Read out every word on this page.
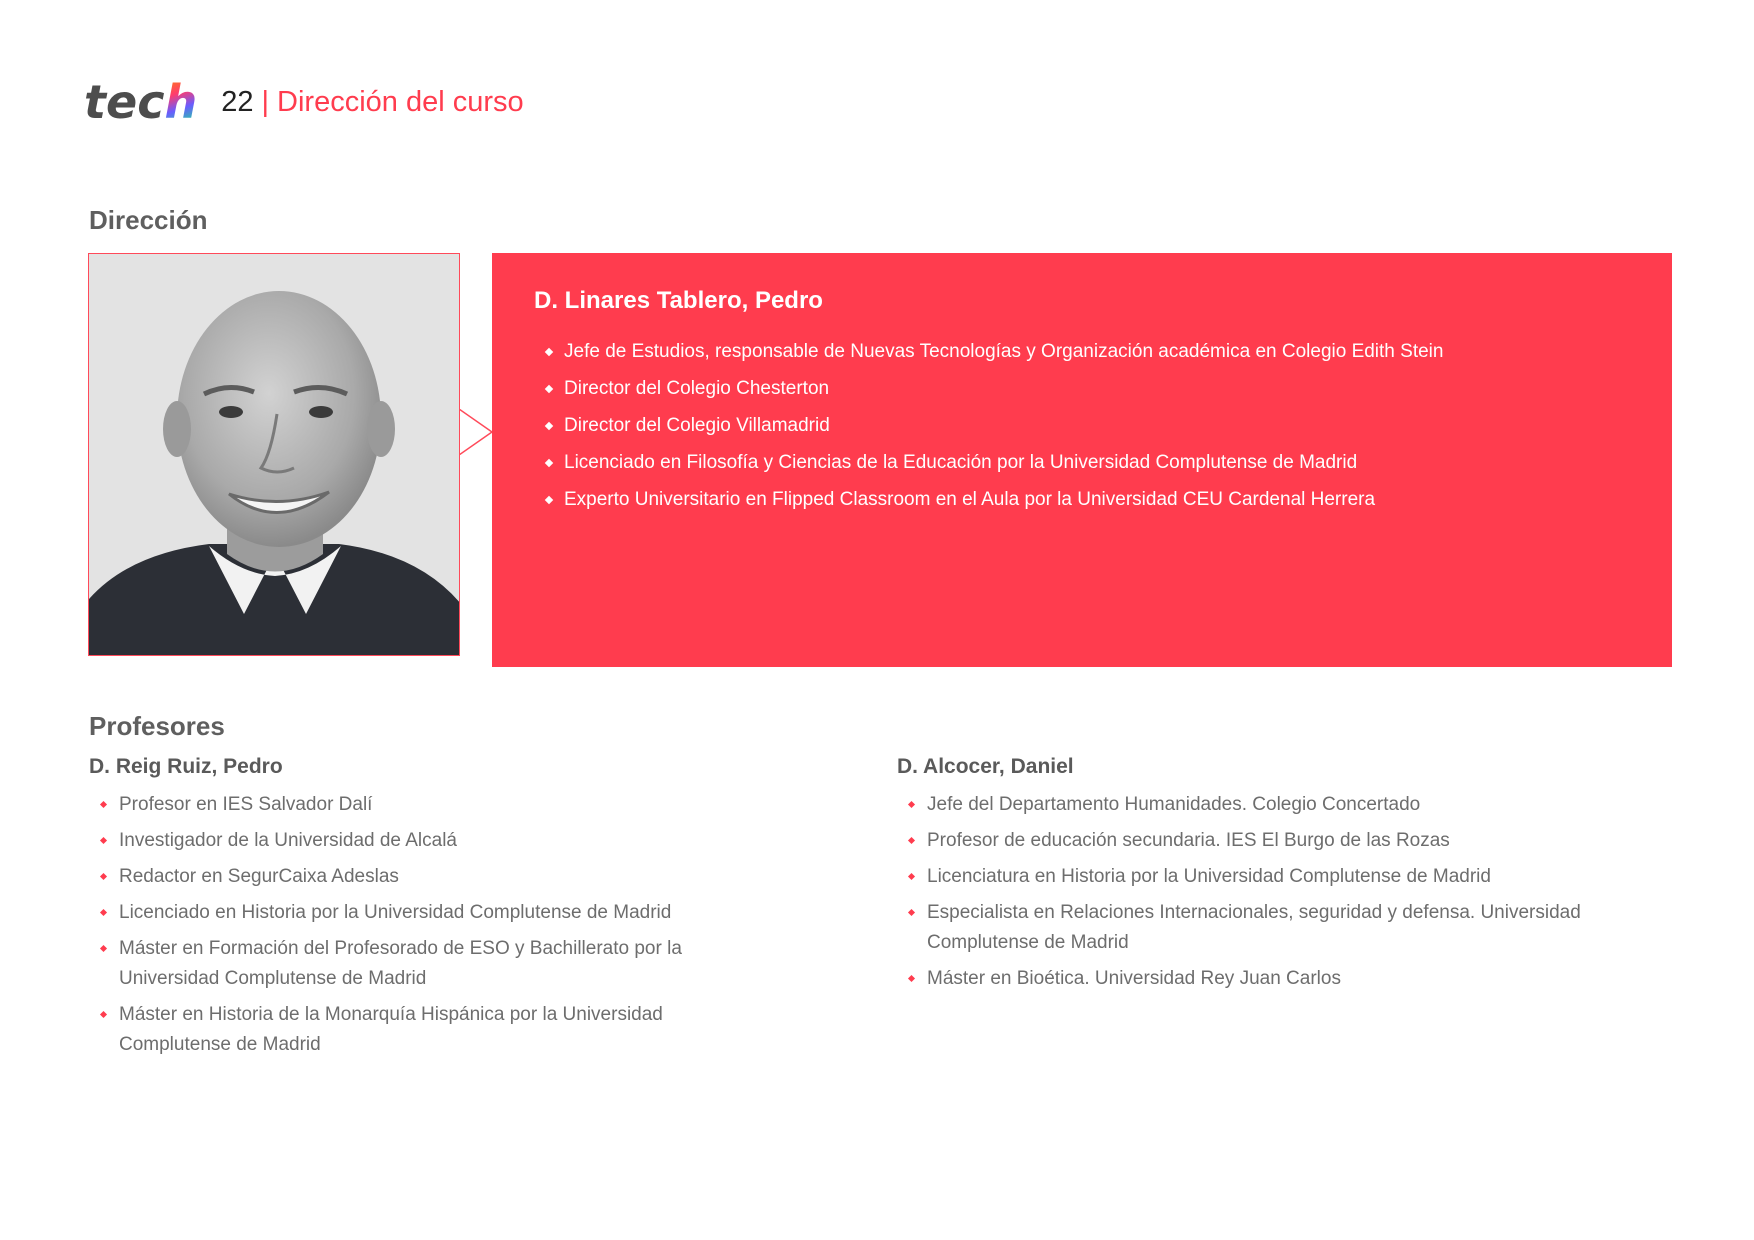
tech 22 | Dirección del curso
Dirección
D. Linares Tablero, Pedro
Jefe de Estudios, responsable de Nuevas Tecnologías y Organización académica en Colegio Edith Stein
Director del Colegio Chesterton
Director del Colegio Villamadrid
Licenciado en Filosofía y Ciencias de la Educación por la Universidad Complutense de Madrid
Experto Universitario en Flipped Classroom en el Aula por la Universidad CEU Cardenal Herrera
Profesores
D. Reig Ruiz, Pedro
Profesor en IES Salvador Dalí
Investigador de la Universidad de Alcalá
Redactor en SegurCaixa Adeslas
Licenciado en Historia por la Universidad Complutense de Madrid
Máster en Formación del Profesorado de ESO y Bachillerato por la Universidad Complutense de Madrid
Máster en Historia de la Monarquía Hispánica por la Universidad Complutense de Madrid
D. Alcocer, Daniel
Jefe del Departamento Humanidades. Colegio Concertado
Profesor de educación secundaria. IES El Burgo de las Rozas
Licenciatura en Historia por la Universidad Complutense de Madrid
Especialista en Relaciones Internacionales, seguridad y defensa. Universidad Complutense de Madrid
Máster en Bioética. Universidad Rey Juan Carlos
